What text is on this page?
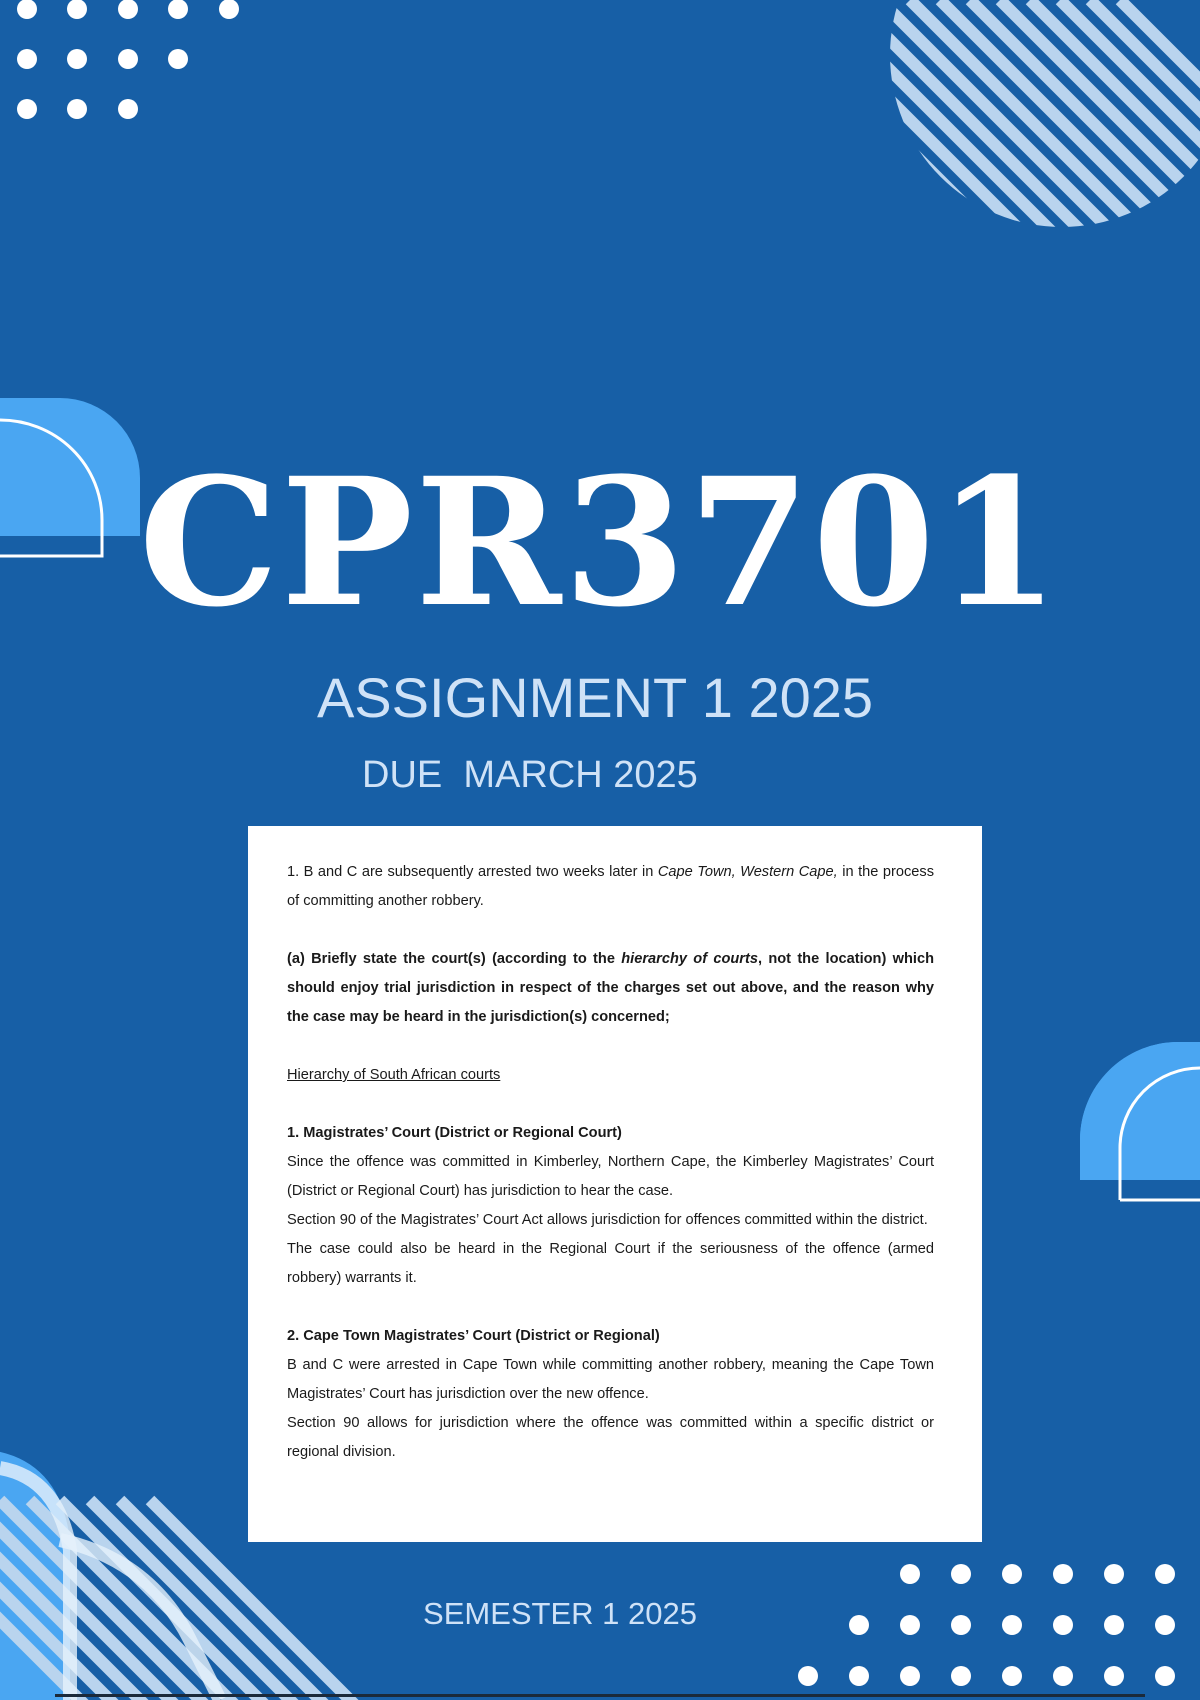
CPR3701
ASSIGNMENT 1 2025
DUE  MARCH 2025

1. B and C are subsequently arrested two weeks later in Cape Town, Western Cape, in the process of committing another robbery.

(a) Briefly state the court(s) (according to the hierarchy of courts, not the location) which should enjoy trial jurisdiction in respect of the charges set out above, and the reason why the case may be heard in the jurisdiction(s) concerned;

Hierarchy of South African courts

1. Magistrates’ Court (District or Regional Court)

Since the offence was committed in Kimberley, Northern Cape, the Kimberley Magistrates’ Court (District or Regional Court) has jurisdiction to hear the case.

Section 90 of the Magistrates’ Court Act allows jurisdiction for offences committed within the district.

The case could also be heard in the Regional Court if the seriousness of the offence (armed robbery) warrants it.

2. Cape Town Magistrates’ Court (District or Regional)

B and C were arrested in Cape Town while committing another robbery, meaning the Cape Town Magistrates’ Court has jurisdiction over the new offence.

Section 90 allows for jurisdiction where the offence was committed within a specific district or regional division.

SEMESTER 1 2025
